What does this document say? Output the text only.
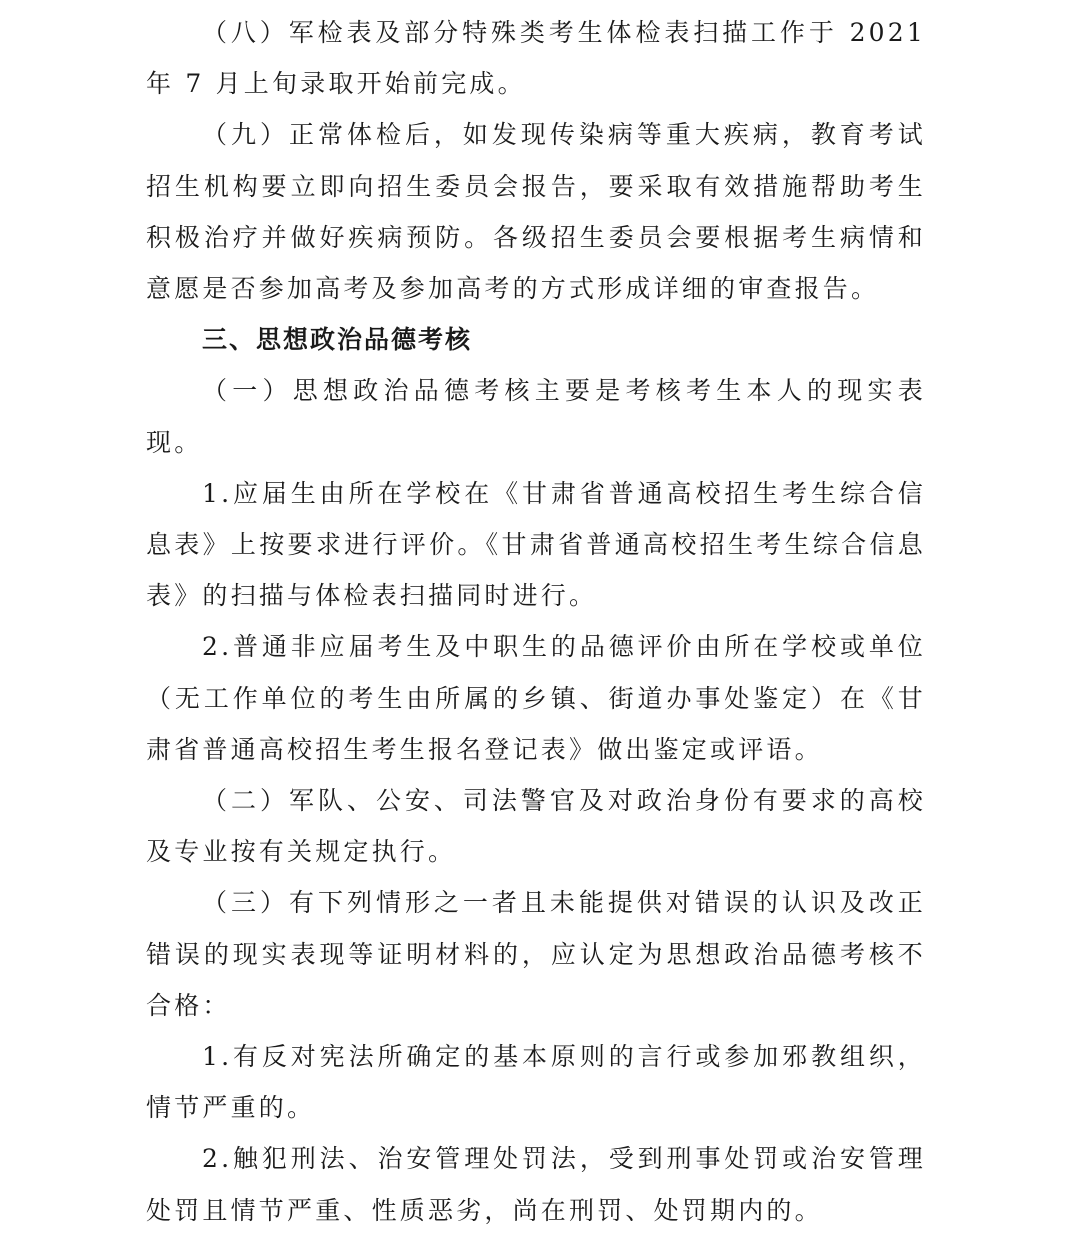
（八）军检表及部分特殊类考生体检表扫描工作于 2021 年 7 月上旬录取开始前完成。

（九）正常体检后，如发现传染病等重大疾病，教育考试招生机构要立即向招生委员会报告，要采取有效措施帮助考生积极治疗并做好疾病预防。各级招生委员会要根据考生病情和意愿是否参加高考及参加高考的方式形成详细的审查报告。

三、思想政治品德考核

（一）思想政治品德考核主要是考核考生本人的现实表现。

1.应届生由所在学校在《甘肃省普通高校招生考生综合信息表》上按要求进行评价。《甘肃省普通高校招生考生综合信息表》的扫描与体检表扫描同时进行。

2.普通非应届考生及中职生的品德评价由所在学校或单位（无工作单位的考生由所属的乡镇、街道办事处鉴定）在《甘肃省普通高校招生考生报名登记表》做出鉴定或评语。

（二）军队、公安、司法警官及对政治身份有要求的高校及专业按有关规定执行。

（三）有下列情形之一者且未能提供对错误的认识及改正错误的现实表现等证明材料的，应认定为思想政治品德考核不合格：

1.有反对宪法所确定的基本原则的言行或参加邪教组织，情节严重的。

2.触犯刑法、治安管理处罚法，受到刑事处罚或治安管理处罚且情节严重、性质恶劣，尚在刑罚、处罚期内的。
